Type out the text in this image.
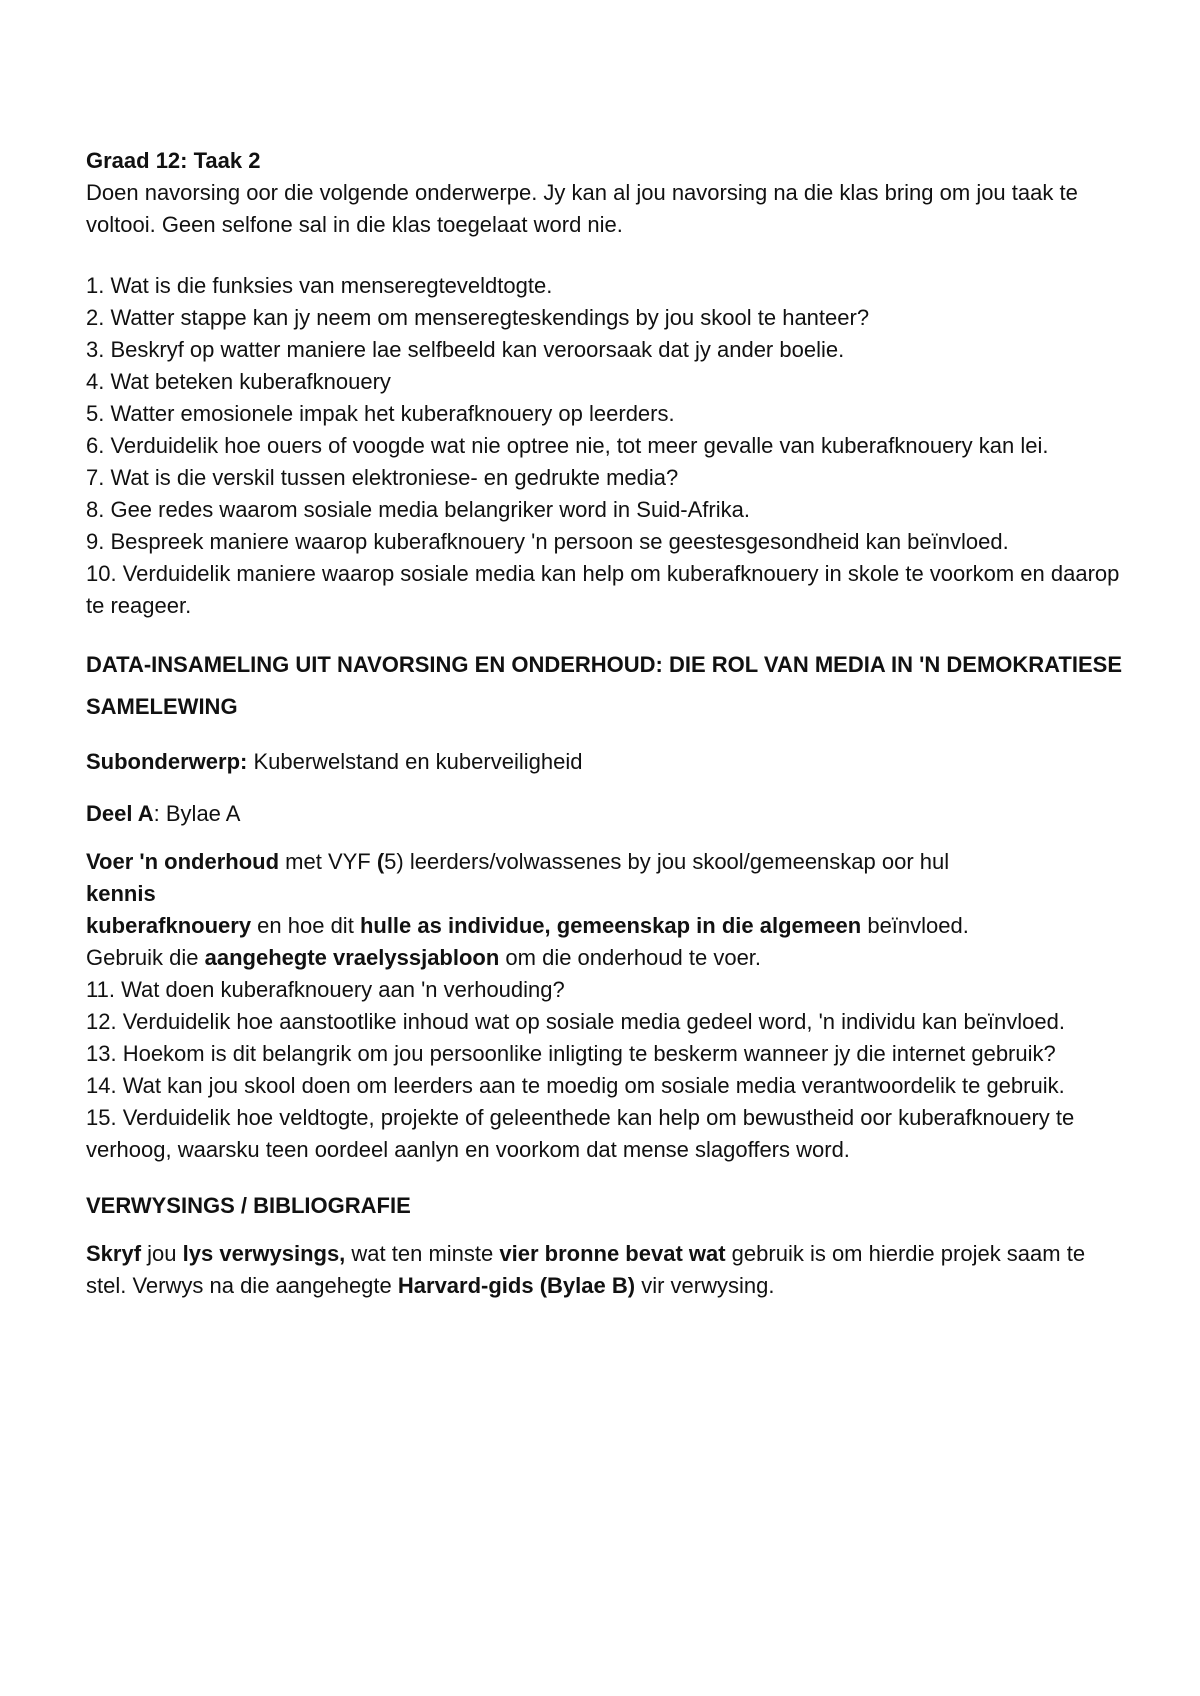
Graad 12: Taak 2

Doen navorsing oor die volgende onderwerpe. Jy kan al jou navorsing na die klas bring om jou taak te voltooi. Geen selfone sal in die klas toegelaat word nie.

1. Wat is die funksies van menseregteveldtogte.
2. Watter stappe kan jy neem om menseregteskendings by jou skool te hanteer?
3. Beskryf op watter maniere lae selfbeeld kan veroorsaak dat jy ander boelie.
4. Wat beteken kuberafknouery
5. Watter emosionele impak het kuberafknouery op leerders.
6. Verduidelik hoe ouers of voogde wat nie optree nie, tot meer gevalle van kuberafknouery kan lei.
7. Wat is die verskil tussen elektroniese- en gedrukte media?
8. Gee redes waarom sosiale media belangriker word in Suid-Afrika.
9. Bespreek maniere waarop kuberafknouery 'n persoon se geestesgesondheid kan beïnvloed.
10. Verduidelik maniere waarop sosiale media kan help om kuberafknouery in skole te voorkom en daarop te reageer.

DATA-INSAMELING UIT NAVORSING EN ONDERHOUD: DIE ROL VAN MEDIA IN 'N DEMOKRATIESE SAMELEWING

Subonderwerp: Kuberwelstand en kuberveiligheid

Deel A: Bylae A

Voer 'n onderhoud met VYF (5) leerders/volwassenes by jou skool/gemeenskap oor hul

kennis

kuberafknouery en hoe dit hulle as individue, gemeenskap in die algemeen beïnvloed.

Gebruik die aangehegte vraelyssjabloon om die onderhoud te voer.

11. Wat doen kuberafknouery aan 'n verhouding?
12. Verduidelik hoe aanstootlike inhoud wat op sosiale media gedeel word, 'n individu kan beïnvloed.
13. Hoekom is dit belangrik om jou persoonlike inligting te beskerm wanneer jy die internet gebruik?
14. Wat kan jou skool doen om leerders aan te moedig om sosiale media verantwoordelik te gebruik.
15. Verduidelik hoe veldtogte, projekte of geleenthede kan help om bewustheid oor kuberafknouery te verhoog, waarsku teen oordeel aanlyn en voorkom dat mense slagoffers word.

VERWYSINGS / BIBLIOGRAFIE

Skryf jou lys verwysings, wat ten minste vier bronne bevat wat gebruik is om hierdie projek saam te stel. Verwys na die aangehegte Harvard-gids (Bylae B) vir verwysing.
